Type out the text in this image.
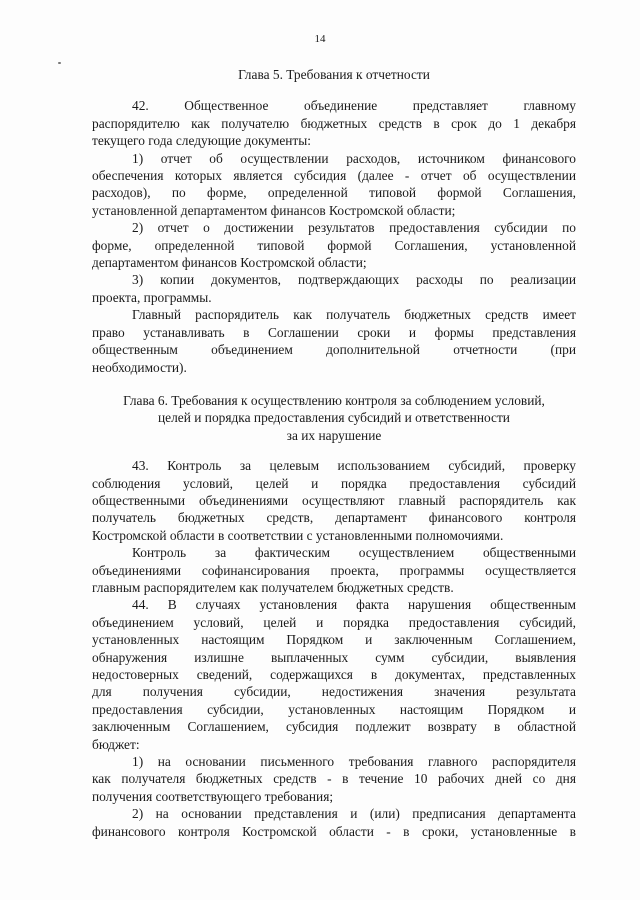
14
Глава 5. Требования к отчетности
42. Общественное объединение представляет главному
распорядителю как получателю бюджетных средств в срок до 1 декабря
текущего года следующие документы:
1) отчет об осуществлении расходов, источником финансового
обеспечения которых является субсидия (далее - отчет об осуществлении
расходов), по форме, определенной типовой формой Соглашения,
установленной департаментом финансов Костромской области;
2) отчет о достижении результатов предоставления субсидии по
форме, определенной типовой формой Соглашения, установленной
департаментом финансов Костромской области;
3) копии документов, подтверждающих расходы по реализации
проекта, программы.
Главный распорядитель как получатель бюджетных средств имеет
право устанавливать в Соглашении сроки и формы представления
общественным объединением дополнительной отчетности (при
необходимости).
Глава 6. Требования к осуществлению контроля за соблюдением условий,
целей и порядка предоставления субсидий и ответственности
за их нарушение
43. Контроль за целевым использованием субсидий, проверку
соблюдения условий, целей и порядка предоставления субсидий
общественными объединениями осуществляют главный распорядитель как
получатель бюджетных средств, департамент финансового контроля
Костромской области в соответствии с установленными полномочиями.
Контроль за фактическим осуществлением общественными
объединениями софинансирования проекта, программы осуществляется
главным распорядителем как получателем бюджетных средств.
44. В случаях установления факта нарушения общественным
объединением условий, целей и порядка предоставления субсидий,
установленных настоящим Порядком и заключенным Соглашением,
обнаружения излишне выплаченных сумм субсидии, выявления
недостоверных сведений, содержащихся в документах, представленных
для получения субсидии, недостижения значения результата
предоставления субсидии, установленных настоящим Порядком и
заключенным Соглашением, субсидия подлежит возврату в областной
бюджет:
1) на основании письменного требования главного распорядителя
как получателя бюджетных средств - в течение 10 рабочих дней со дня
получения соответствующего требования;
2) на основании представления и (или) предписания департамента
финансового контроля Костромской области - в сроки, установленные в
